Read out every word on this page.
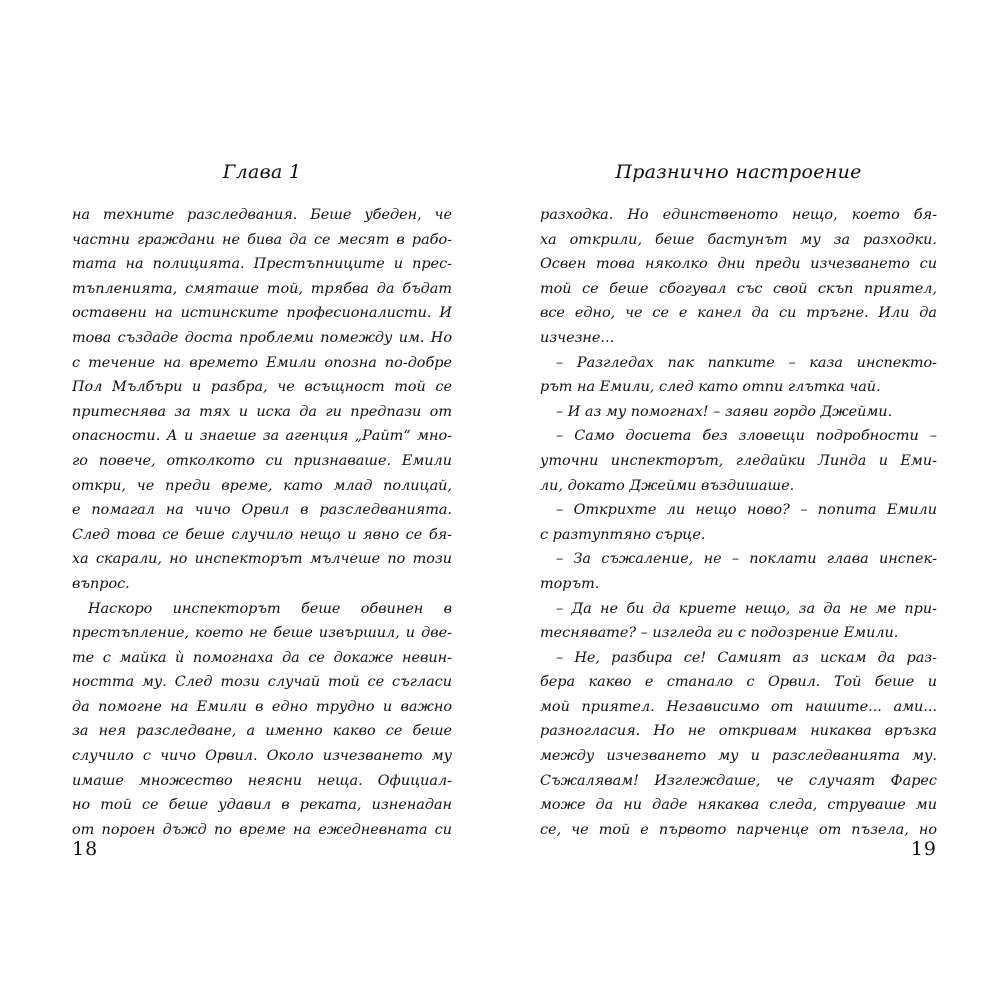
Глава 1
на техните разследвания. Беше убеден, че
частни граждани не бива да се месят в рабо-
тата на полицията. Престъпниците и прес-
тъпленията, смяташе той, трябва да бъдат
оставени на истинските професионалисти. И
това създаде доста проблеми помежду им. Но
с течение на времето Емили опозна по-добре
Пол Мълбъри и разбра, че всъщност той се
притеснява за тях и иска да ги предпази от
опасности. А и знаеше за агенция „Райт“ мно-
го повече, отколкото си признаваше. Емили
откри, че преди време, като млад полицай,
е помагал на чичо Орвил в разследванията.
След това се беше случило нещо и явно се бя-
ха скарали, но инспекторът мълчеше по този
въпрос.
Наскоро инспекторът беше обвинен в
престъпление, което не беше извършил, и двe-
те с майка ѝ помогнаха да се докаже невин-
ността му. След този случай той се съгласи
да помогне на Емили в едно трудно и важно
за нея разследване, а именно какво се беше
случило с чичо Орвил. Около изчезването му
имаше множество неясни неща. Официал-
но той се беше удавил в реката, изненадан
от пороен дъжд по време на ежедневната си
18
Празнично настроение
разходка. Но единственото нещо, което бя-
ха открили, беше бастунът му за разходки.
Освен това няколко дни преди изчезването си
той се беше сбогувал със свой скъп приятел,
все едно, че се е канел да си тръгне. Или да
изчезне...
– Разгледах пак папките – каза инспекто-
рът на Емили, след като отпи глътка чай.
– И аз му помогнах! – заяви гордо Джейми.
– Само досиета без зловещи подробности –
уточни инспекторът, гледайки Линда и Еми-
ли, докато Джейми въздишаше.
– Открихте ли нещо ново? – попита Емили
с разтуптяно сърце.
– За съжаление, не – поклати глава инспек-
торът.
– Да не би да криете нещо, за да не ме при-
теснявате? – изгледа ги с подозрение Емили.
– Не, разбира се! Самият аз искам да раз-
бера какво е станало с Орвил. Той беше и
мой приятел. Независимо от нашите... ами...
разногласия. Но не откривам никаква връзка
между изчезването му и разследванията му.
Съжалявам! Изглеждаше, че случаят Фарес
може да ни даде някаква следа, струваше ми
се, че той е първото парченце от пъзела, но
19
